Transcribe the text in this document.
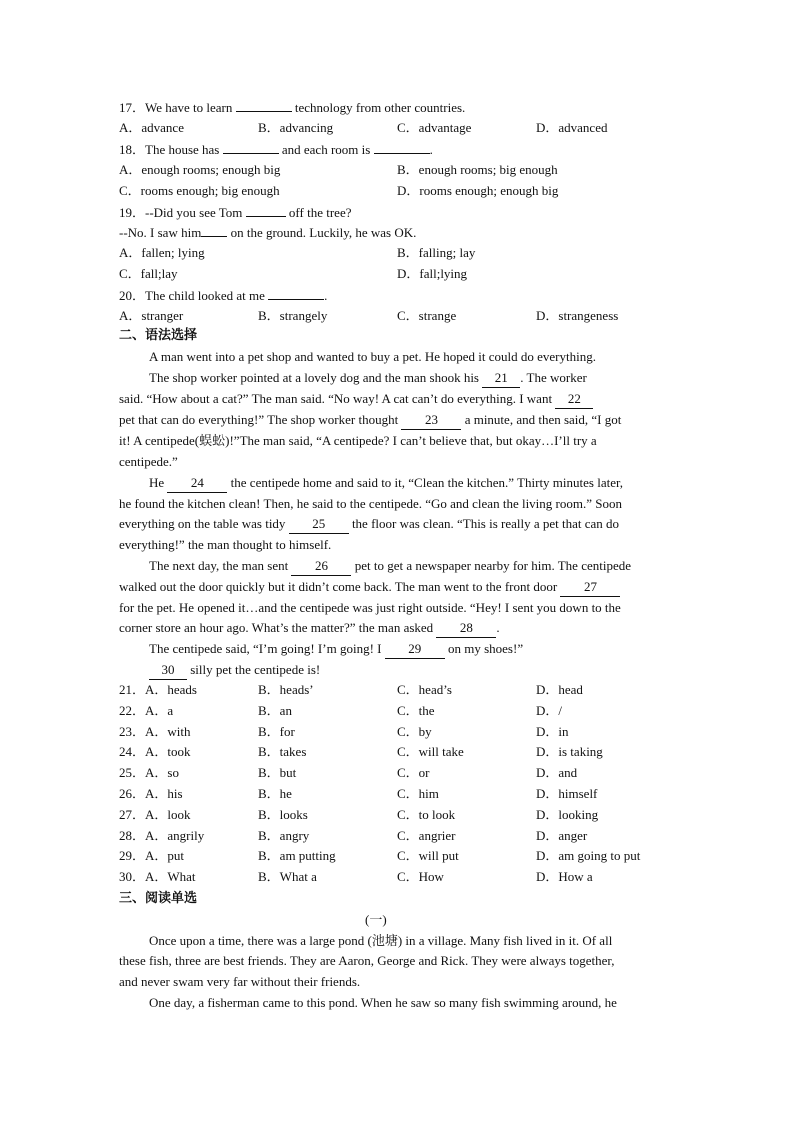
17．We have to learn	technology from other countries.
A．advance	B．advancing	C．advantage	D．advanced
18．The house has	and each room is	.
A．enough rooms; enough big	B．enough rooms; big enough
C．rooms enough; big enough	D．rooms enough; enough big
19．--Did you see Tom	off the tree?
--No. I saw him on the ground. Luckily, he was OK.
A．fallen; lying	B．falling; lay
C．fall;lay	D．fall;lying
20．The child looked at me	.
A．stranger	B．strangely	C．strange	D．strangeness
二、语法选择
A man went into a pet shop and wanted to buy a pet. He hoped it could do everything.
The shop worker pointed at a lovely dog and the man shook his 21 . The worker
said. “How about a cat?” The man said. “No way! A cat can’t do everything. I want 22
pet that can do everything!” The shop worker thought 23 a minute, and then said, “I got
it! A centipede(蜈蚣)!”The man said, “A centipede? I can’t believe that, but okay…I’ll try a
centipede.”
He 24 the centipede home and said to it, “Clean the kitchen.” Thirty minutes later,
he found the kitchen clean! Then, he said to the centipede. “Go and clean the living room.” Soon
everything on the table was tidy 25 the floor was clean. “This is really a pet that can do
everything!” the man thought to himself.
The next day, the man sent 26 pet to get a newspaper nearby for him. The centipede
walked out the door quickly but it didn’t come back. The man went to the front door 27
for the pet. He opened it…and the centipede was just right outside. “Hey! I sent you down to the
corner store an hour ago. What’s the matter?” the man asked 28 .
The centipede said, “I’m going! I’m going! I 29 on my shoes!”
30 silly pet the centipede is!
21．A．heads	B．heads’	C．head’s	D．head
22．A．a	B．an	C．the	D．/
23．A．with	B．for	C．by	D．in
24．A．took	B．takes	C．will take	D．is taking
25．A．so	B．but	C．or	D．and
26．A．his	B．he	C．him	D．himself
27．A．look	B．looks	C．to look	D．looking
28．A．angrily	B．angry	C．angrier	D．anger
29．A．put	B．am putting	C．will put	D．am going to put
30．A．What	B．What a	C．How	D．How a
三、阅读单选
(一)
Once upon a time, there was a large pond (池塘) in a village. Many fish lived in it. Of all
these fish, three are best friends. They are Aaron, George and Rick. They were always together,
and never swam very far without their friends.
One day, a fisherman came to this pond. When he saw so many fish swimming around, he
